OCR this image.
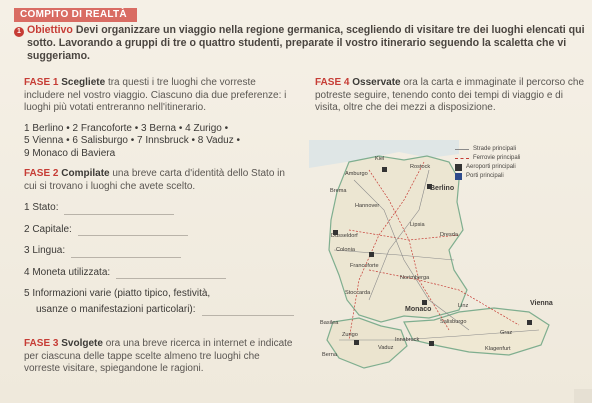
COMPITO DI REALTÀ
1 Obiettivo Devi organizzare un viaggio nella regione germanica, scegliendo di visitare tre dei luoghi elencati qui sotto. Lavorando a gruppi di tre o quattro studenti, preparate il vostro itinerario seguendo la scaletta che vi suggeriamo.
FASE 1 Scegliete tra questi i tre luoghi che vorreste includere nel vostro viaggio. Ciascuno dia due preferenze: i luoghi più votati entreranno nell'itinerario.
1 Berlino • 2 Francoforte • 3 Berna • 4 Zurigo •
5 Vienna • 6 Salisburgo • 7 Innsbruck • 8 Vaduz •
9 Monaco di Baviera
FASE 2 Compilate una breve carta d'identità dello Stato in cui si trovano i luoghi che avete scelto.
1 Stato:
2 Capitale:
3 Lingua:
4 Moneta utilizzata:
5 Informazioni varie (piatto tipico, festività,
usanze o manifestazioni particolari):
FASE 3 Svolgete ora una breve ricerca in internet e indicate per ciascuna delle tappe scelte almeno tre luoghi che vorreste visitare, spiegandone le ragioni.
FASE 4 Osservate ora la carta e immaginate il percorso che potreste seguire, tenendo conto dei tempi di viaggio e di visita, oltre che dei mezzi a disposizione.
Strade principali
Ferrovie principali
Aeroporti principali
Porti principali
Kiel
Rostock
Amburgo
Berlino
Brema
Hannover
Lipsia
Dresda
Düsseldorf
Colonia
Francoforte
Norimberga
Stoccarda
Monaco	Linz	Vienna
Salisburgo
Basilea
Zurigo
Innsbruck
Graz
Vaduz	Klagenfurt
Berna
